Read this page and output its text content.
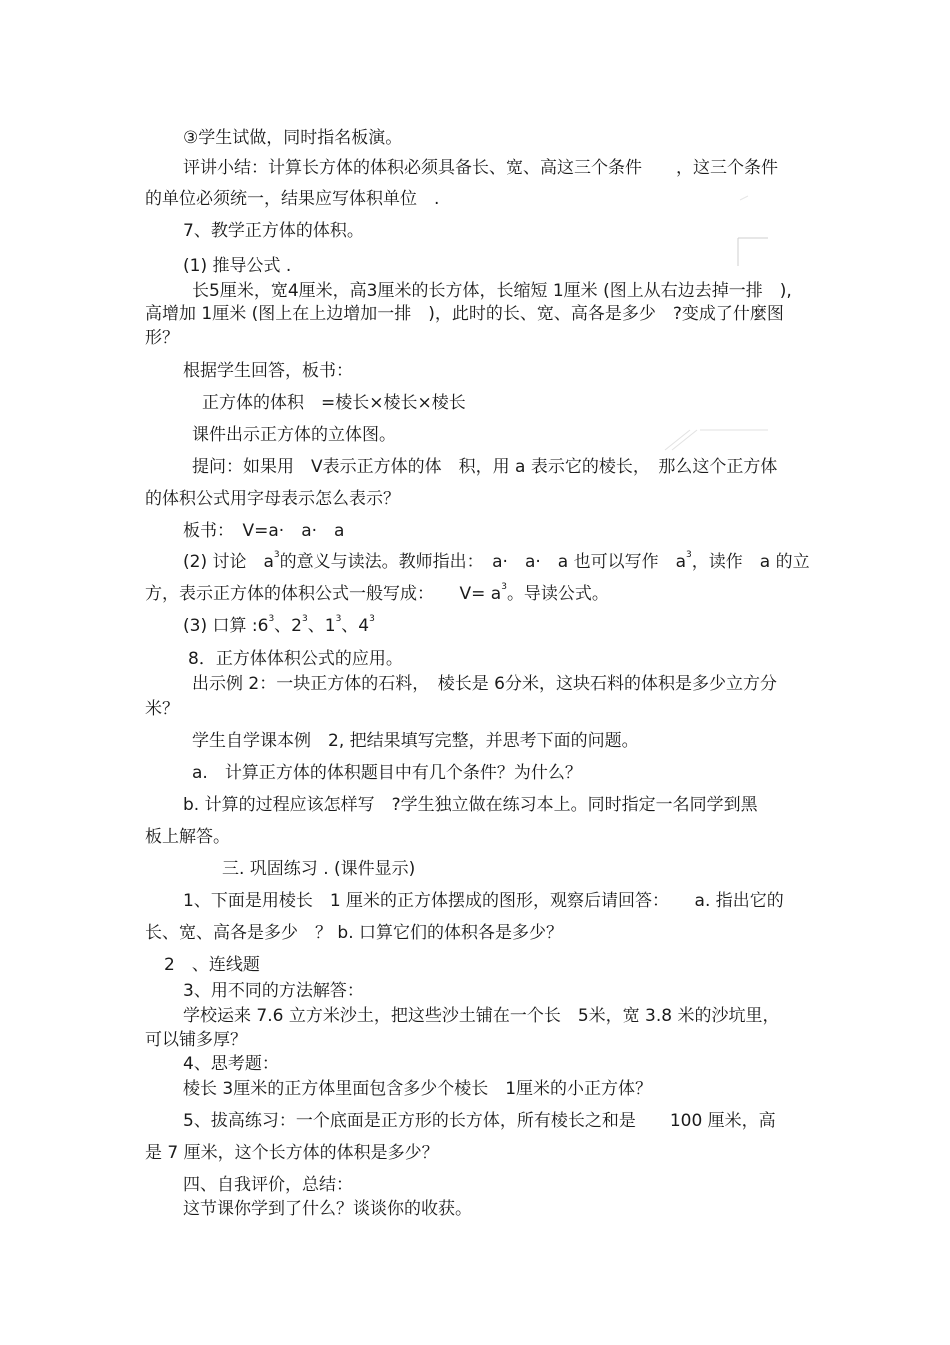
③学生试做，同时指名板演。
评讲小结：计算长方体的体积必须具备长、宽、高这三个条件　　，这三个条件
的单位必须统一，结果应写体积单位　.
7、教学正方体的体积。
(1) 推导公式 .
长5厘米，宽4厘米，高3厘米的长方体，长缩短 1厘米 (图上从右边去掉一排　),
高增加 1厘米 (图上在上边增加一排　)，此时的长、宽、高各是多少　?变成了什麼图
形？
根据学生回答，板书：
正方体的体积　=棱长×棱长×棱长
课件出示正方体的立体图。
提问：如果用　V表示正方体的体　积，用 a 表示它的棱长，　那么这个正方体
的体积公式用字母表示怎么表示？
板书：　V=a·　a·　a
(2) 讨论　$a^3$的意义与读法。教师指出：　a·　a·　a 也可以写作　$a^3$，读作　a 的立
方，表示正方体的体积公式一般写成：　　$V= a^3$。导读公式。
(3) 口算 $:6^3$、$2^3$、$1^3$、$4^3$
8．正方体体积公式的应用。
出示例 2：一块正方体的石料，　棱长是 6分米，这块石料的体积是多少立方分
米？
学生自学课本例　2, 把结果填写完整，并思考下面的问题。
a.　计算正方体的体积题目中有几个条件？为什么？
b. 计算的过程应该怎样写　?学生独立做在练习本上。同时指定一名同学到黑
板上解答。
三. 巩固练习 . (课件显示)
1、下面是用棱长　1 厘米的正方体摆成的图形，观察后请回答：　　a. 指出它的
长、宽、高各是多少　？ b. 口算它们的体积各是多少？
2　、连线题
3、用不同的方法解答：
学校运来 7.6 立方米沙土，把这些沙土铺在一个长　5米，宽 3.8 米的沙坑里，
可以铺多厚？
4、思考题：
棱长 3厘米的正方体里面包含多少个棱长　1厘米的小正方体？
5、拔高练习：一个底面是正方形的长方体，所有棱长之和是　　100 厘米，高
是 7 厘米，这个长方体的体积是多少？
四、自我评价，总结：
这节课你学到了什么？谈谈你的收获。
